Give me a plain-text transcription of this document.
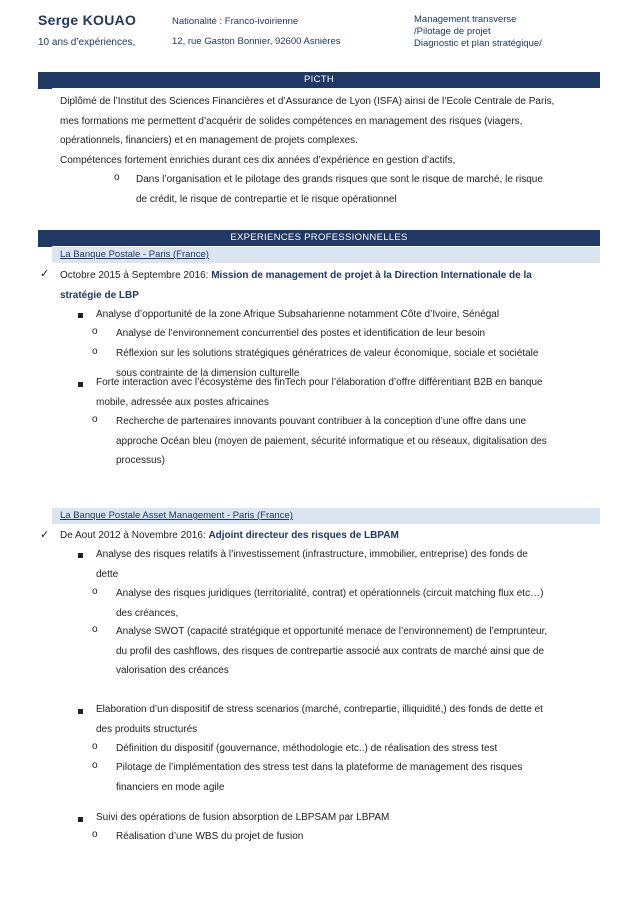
Serge KOUAO
10 ans d’expériences,
Nationalité : Franco-ivoirienne
12, rue Gaston Bonnier, 92600 Asnières
Management transverse
/Pilotage de projet
Diagnostic et plan stratégique/
PICTH
Diplômé de l’Institut des Sciences Financières et d’Assurance de Lyon (ISFA) ainsi de l’Ecole Centrale de Paris,
mes formations me permettent d’acquérir de solides compétences en management des risques (viagers,
opérationnels, financiers) et en management de projets complexes.
Compétences fortement enrichies durant ces dix années d’expérience en gestion d’actifs,
o Dans l’organisation et le pilotage des grands risques que sont le risque de marché, le risque
de crédit, le risque de contrepartie et le risque opérationnel
EXPERIENCES PROFESSIONNELLES
La Banque Postale - Paris (France)
✓ Octobre 2015 à Septembre 2016: Mission de management de projet à la Direction Internationale de la
stratégie de LBP
Analyse d’opportunité de la zone Afrique Subsaharienne notamment Côte d’Ivoire, Sénégal
o Analyse de l’environnement concurrentiel des postes et identification de leur besoin
o Réflexion sur les solutions stratégiques génératrices de valeur économique, sociale et sociétale
sous contrainte de la dimension culturelle
Forte interaction avec l’écosystème des finTech pour l’élaboration d’offre différentiant B2B en banque
mobile, adressée aux postes africaines
o Recherche de partenaires innovants pouvant contribuer à la conception d’une offre dans une
approche Océan bleu (moyen de paiement, sécurité informatique et ou réseaux, digitalisation des
processus)
La Banque Postale Asset Management - Paris (France)
✓ De Aout 2012 à Novembre 2016: Adjoint directeur des risques de LBPAM
Analyse des risques relatifs à l’investissement (infrastructure, immobilier, entreprise) des fonds de
dette
o Analyse des risques juridiques (territorialité, contrat) et opérationnels (circuit matching flux etc…)
des créances,
o Analyse SWOT (capacité stratégique et opportunité menace de l’environnement) de l’emprunteur,
du profil des cashflows, des risques de contrepartie associé aux contrats de marché ainsi que de
valorisation des créances
Elaboration d’un dispositif de stress scenarios (marché, contrepartie, illiquidité,) des fonds de dette et
des produits structurés
o Définition du dispositif (gouvernance, méthodologie etc..) de réalisation des stress test
o Pilotage de l’implémentation des stress test dans la plateforme de management des risques
financiers en mode agile
Suivi des opérations de fusion absorption de LBPSAM par LBPAM
o Réalisation d’une WBS du projet de fusion
